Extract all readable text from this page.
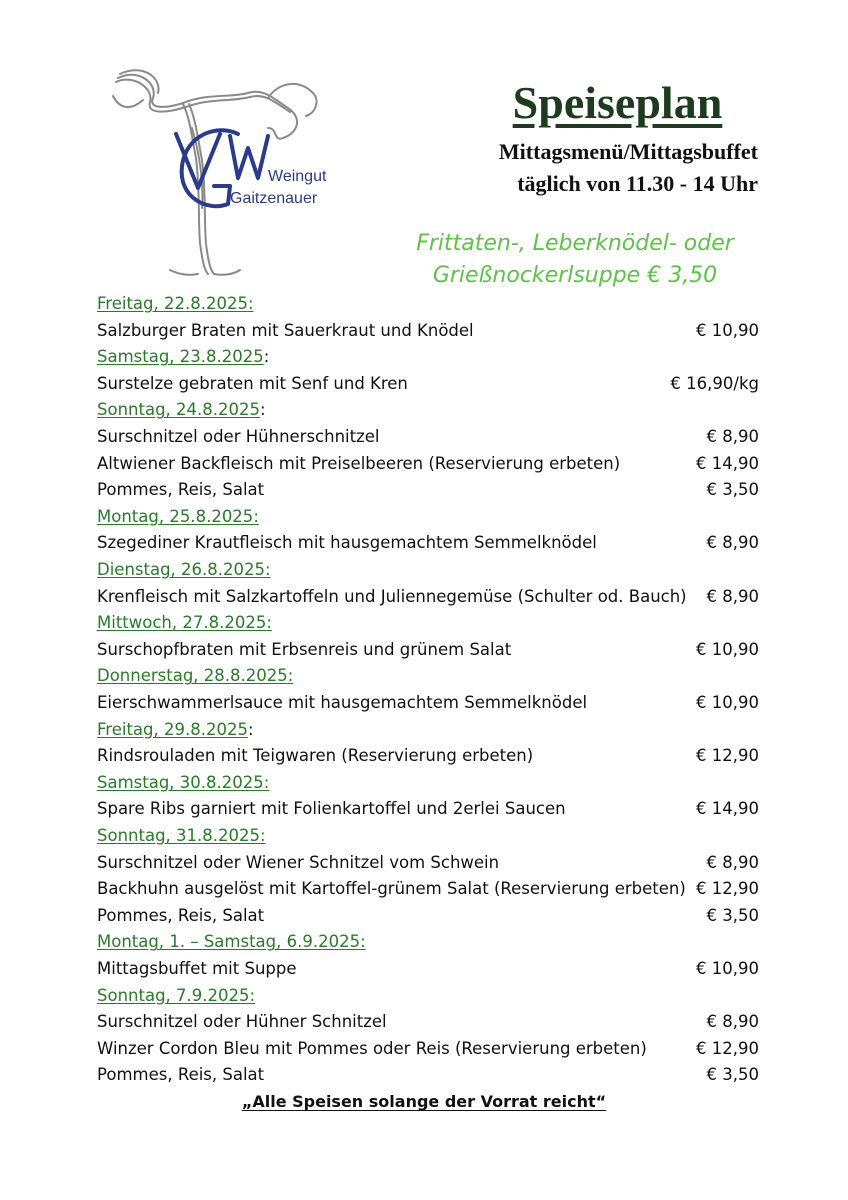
Weingut
Gaitzenauer
Speiseplan
Mittagsmenü/Mittagsbuffet
täglich von 11.30 - 14 Uhr
Frittaten-, Leberknödel- oder
Grießnockerlsuppe € 3,50
Freitag, 22.8.2025:
Salzburger Braten mit Sauerkraut und Knödel	€ 10,90
Samstag, 23.8.2025:
Surstelze gebraten mit Senf und Kren	€ 16,90/kg
Sonntag, 24.8.2025:
Surschnitzel oder Hühnerschnitzel	€ 8,90
Altwiener Backfleisch mit Preiselbeeren (Reservierung erbeten)	€ 14,90
Pommes, Reis, Salat	€ 3,50
Montag, 25.8.2025:
Szegediner Krautfleisch mit hausgemachtem Semmelknödel	€ 8,90
Dienstag, 26.8.2025:
Krenfleisch mit Salzkartoffeln und Juliennegemüse (Schulter od. Bauch) € 8,90
Mittwoch, 27.8.2025:
Surschopfbraten mit Erbsenreis und grünem Salat	€ 10,90
Donnerstag, 28.8.2025:
Eierschwammerlsauce mit hausgemachtem Semmelknödel	€ 10,90
Freitag, 29.8.2025:
Rindsrouladen mit Teigwaren (Reservierung erbeten)	€ 12,90
Samstag, 30.8.2025:
Spare Ribs garniert mit Folienkartoffel und 2erlei Saucen	€ 14,90
Sonntag, 31.8.2025:
Surschnitzel oder Wiener Schnitzel vom Schwein	€ 8,90
Backhuhn ausgelöst mit Kartoffel-grünem Salat (Reservierung erbeten) € 12,90
Pommes, Reis, Salat	€ 3,50
Montag, 1. – Samstag, 6.9.2025:
Mittagsbuffet mit Suppe	€ 10,90
Sonntag, 7.9.2025:
Surschnitzel oder Hühner Schnitzel	€ 8,90
Winzer Cordon Bleu mit Pommes oder Reis (Reservierung erbeten)	€ 12,90
Pommes, Reis, Salat	€ 3,50
„Alle Speisen solange der Vorrat reicht“
